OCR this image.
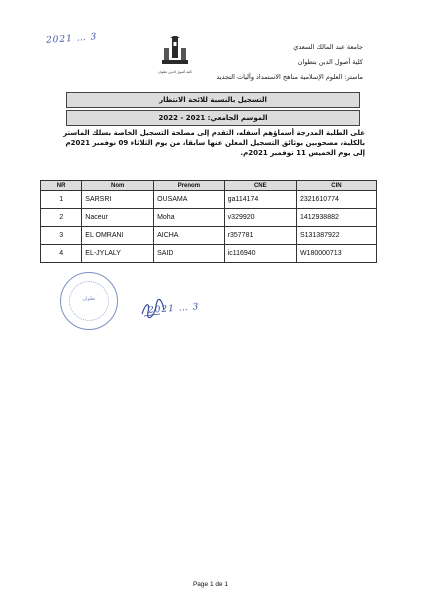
2021 … 3
كلية أصول الدين تطوان
جامعة عبد المالك السعدي
كلية أصول الدين بتطوان
ماستر: العلوم الإسلامية مناهج الاستمداد وآليات التجديد
التسجيل بالنسبة للائحة الانتظار
الموسم الجامعي: 2021 - 2022
على الطلبة المدرجة أسماؤهم أسفله، التقدم إلى مصلحة التسجيل الخاصة بسلك الماستر بالكلية، مصحوبين بوثائق التسجيل المعلن عنها سابقا، من يوم الثلاثاء 09 نوفمبر 2021م إلى يوم الخميس 11 نوفمبر 2021م.
NR	Nom	Prenom	CNE	CIN
1	SARSRI	OUSAMA	ga114174	2321610774
2	Naceur	Moha	v329920	1412938882
3	EL OMRANI	AICHA	r357781	S131387922
4	EL-JYLALY	SAID	ic116940	W180000713
تطوان
2021 … 3
Page 1 de 1
